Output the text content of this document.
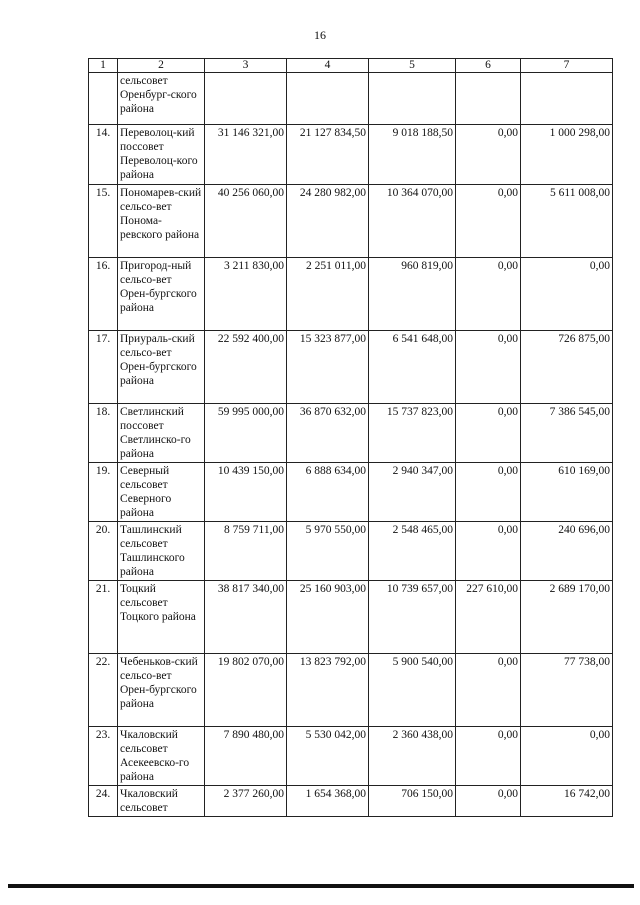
16
1	2	3	4	5	6	7
	сельсовет Оренбург-ского района					
14.	Переволоц-кий поссовет Переволоц-кого района	31 146 321,00	21 127 834,50	9 018 188,50	0,00	1 000 298,00
15.	Пономарев-ский сельсо-вет Понома-ревского района	40 256 060,00	24 280 982,00	10 364 070,00	0,00	5 611 008,00
16.	Пригород-ный сельсо-вет Орен-бургского района	3 211 830,00	2 251 011,00	960 819,00	0,00	0,00
17.	Приураль-ский сельсо-вет Орен-бургского района	22 592 400,00	15 323 877,00	6 541 648,00	0,00	726 875,00
18.	Светлинский поссовет Светлинско-го района	59 995 000,00	36 870 632,00	15 737 823,00	0,00	7 386 545,00
19.	Северный сельсовет Северного района	10 439 150,00	6 888 634,00	2 940 347,00	0,00	610 169,00
20.	Ташлинский сельсовет Ташлинского района	8 759 711,00	5 970 550,00	2 548 465,00	0,00	240 696,00
21.	Тоцкий сельсовет Тоцкого района	38 817 340,00	25 160 903,00	10 739 657,00	227 610,00	2 689 170,00
22.	Чебеньков-ский сельсо-вет Орен-бургского района	19 802 070,00	13 823 792,00	5 900 540,00	0,00	77 738,00
23.	Чкаловский сельсовет Асекеевско-го района	7 890 480,00	5 530 042,00	2 360 438,00	0,00	0,00
24.	Чкаловский сельсовет	2 377 260,00	1 654 368,00	706 150,00	0,00	16 742,00
